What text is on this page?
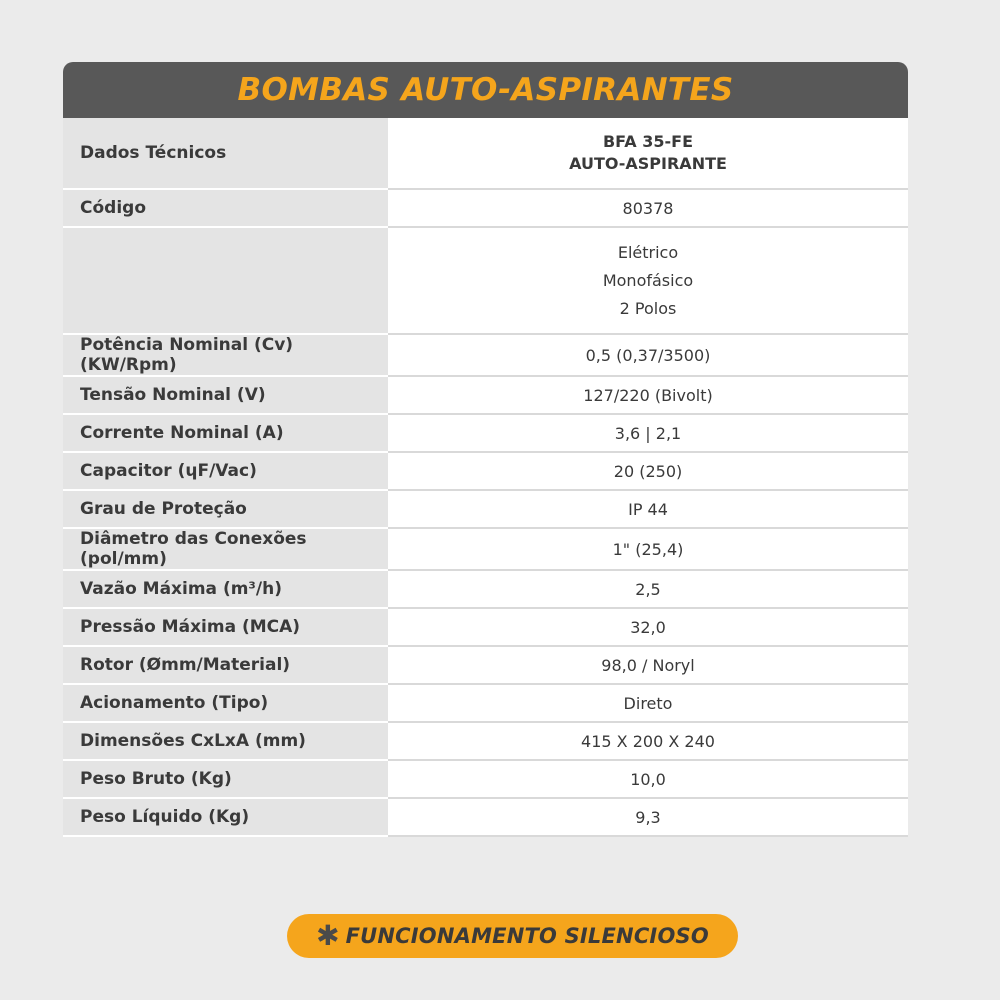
BOMBAS AUTO-ASPIRANTES
Dados Técnicos	BFA 35-FE
AUTO-ASPIRANTE

Código	80378

	Elétrico
Monofásico
2 Polos

Potência Nominal (Cv)(KW/Rpm)	0,5 (0,37/3500)
Tensão Nominal (V)	127/220 (Bivolt)
Corrente Nominal (A)	3,6 | 2,1
Capacitor (ɥF/Vac)	20 (250)
Grau de Proteção	IP 44
Diâmetro das Conexões (pol/mm)	1" (25,4)
Vazão Máxima (m³/h)	2,5
Pressão Máxima (MCA)	32,0
Rotor (Ømm/Material)	98,0 / Noryl
Acionamento (Tipo)	Direto
Dimensões CxLxA (mm)	415 X 200 X 240
Peso Bruto (Kg)	10,0
Peso Líquido (Kg)	9,3
✱ FUNCIONAMENTO SILENCIOSO
